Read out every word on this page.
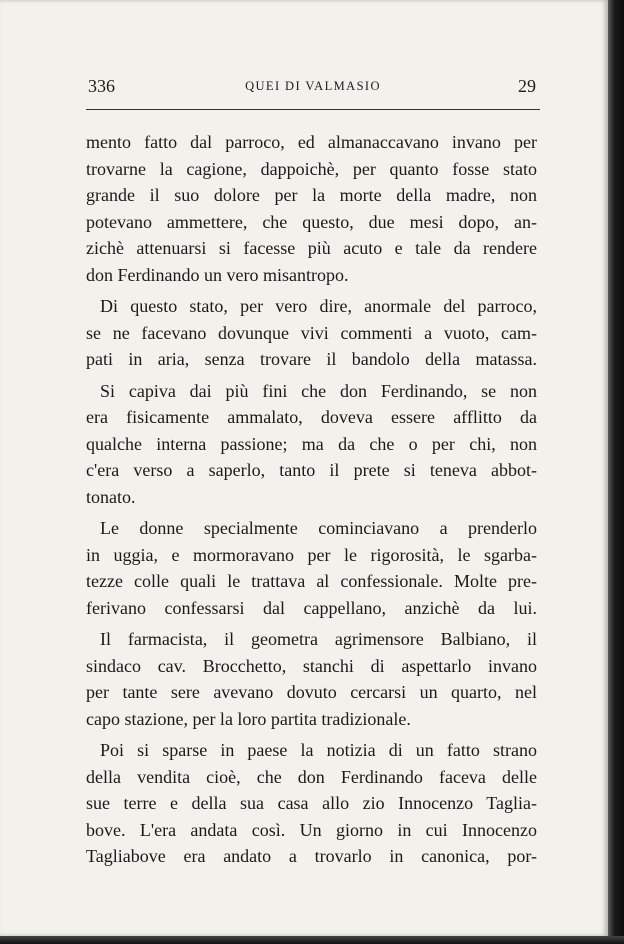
336	QUEI DI VALMASIO	29
mento fatto dal parroco, ed almanaccavano invano per
trovarne la cagione, dappoichè, per quanto fosse stato
grande il suo dolore per la morte della madre, non
potevano ammettere, che questo, due mesi dopo, an-
zichè attenuarsi si facesse più acuto e tale da rendere
don Ferdinando un vero misantropo.
Di questo stato, per vero dire, anormale del parroco,
se ne facevano dovunque vivi commenti a vuoto, cam-
pati in aria, senza trovare il bandolo della matassa.
Si capiva dai più fini che don Ferdinando, se non
era fisicamente ammalato, doveva essere afflitto da
qualche interna passione; ma da che o per chi, non
c'era verso a saperlo, tanto il prete si teneva abbot-
tonato.
Le donne specialmente cominciavano a prenderlo
in uggia, e mormoravano per le rigorosità, le sgarba-
tezze colle quali le trattava al confessionale. Molte pre-
ferivano confessarsi dal cappellano, anzichè da lui.
Il farmacista, il geometra agrimensore Balbiano, il
sindaco cav. Brocchetto, stanchi di aspettarlo invano
per tante sere avevano dovuto cercarsi un quarto, nel
capo stazione, per la loro partita tradizionale.
Poi si sparse in paese la notizia di un fatto strano
della vendita cioè, che don Ferdinando faceva delle
sue terre e della sua casa allo zio Innocenzo Taglia-
bove. L'era andata così. Un giorno in cui Innocenzo
Tagliabove era andato a trovarlo in canonica, por-
